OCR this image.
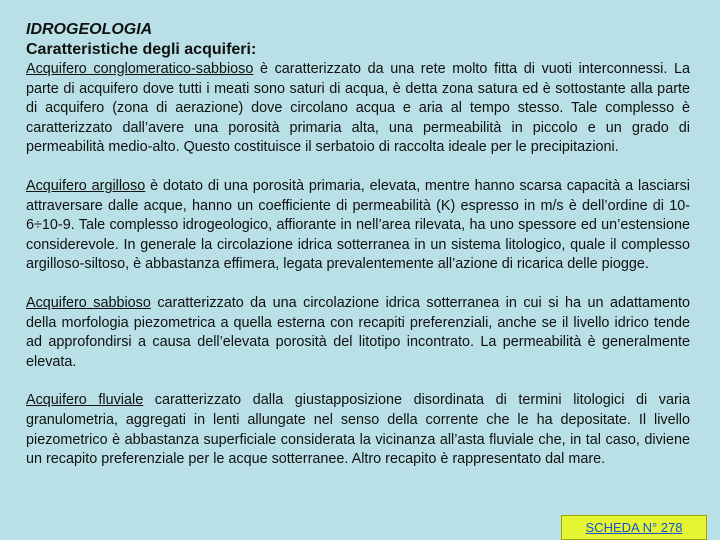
IDROGEOLOGIA

Caratteristiche degli acquiferi:

Acquifero conglomeratico-sabbioso è caratterizzato da una rete molto fitta di vuoti interconnessi. La parte di acquifero dove tutti i meati sono saturi di acqua, è detta zona satura ed è sottostante alla parte di acquifero (zona di aerazione) dove circolano acqua e aria al tempo stesso. Tale complesso è caratterizzato dall’avere una porosità primaria alta, una permeabilità in piccolo e un grado di permeabilità medio-alto. Questo costituisce il serbatoio di raccolta ideale per le precipitazioni.

Acquifero argilloso è dotato di una porosità primaria, elevata, mentre hanno scarsa capacità a lasciarsi attraversare dalle acque, hanno un coefficiente di permeabilità (K) espresso in m/s è dell’ordine di 10-6÷10-9. Tale complesso idrogeologico, affiorante in nell’area rilevata, ha uno spessore ed un’estensione considerevole. In generale la circolazione idrica sotterranea in un sistema litologico, quale il complesso argilloso-siltoso, è abbastanza effimera, legata prevalentemente all’azione di ricarica delle piogge.

Acquifero sabbioso caratterizzato da una circolazione idrica sotterranea in cui si ha un adattamento della morfologia piezometrica a quella esterna con recapiti preferenziali, anche se il livello idrico tende ad approfondirsi a causa dell’elevata porosità del litotipo incontrato. La permeabilità è generalmente elevata.

Acquifero fluviale caratterizzato dalla giustapposizione disordinata di termini litologici di varia granulometria, aggregati in lenti allungate nel senso della corrente che le ha depositate. Il livello piezometrico è abbastanza superficiale considerata la vicinanza all’asta fluviale che, in tal caso, diviene un recapito preferenziale per le acque sotterranee. Altro recapito è rappresentato dal mare.

SCHEDA N° 278
